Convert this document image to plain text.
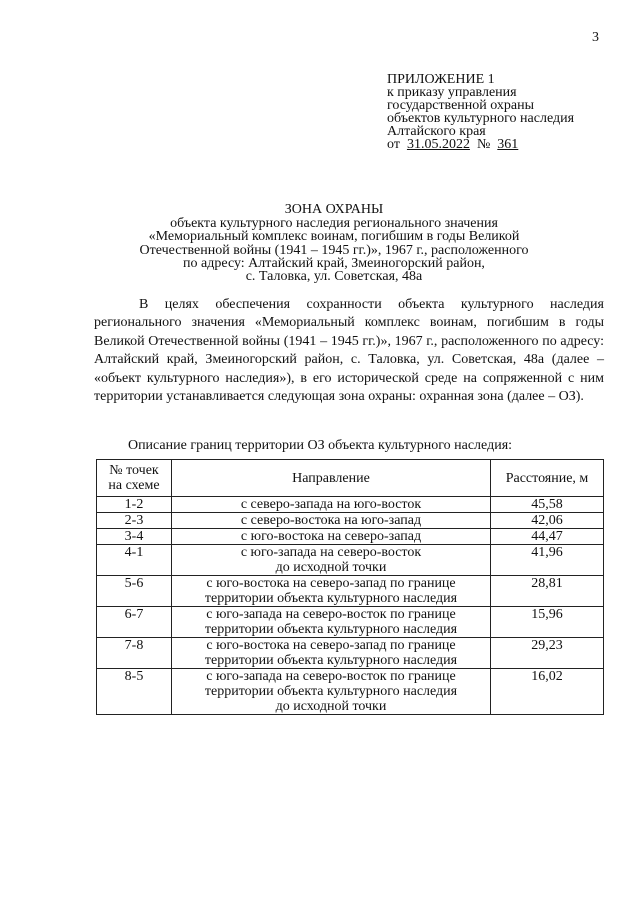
3
ПРИЛОЖЕНИЕ 1
к приказу управления
государственной охраны
объектов культурного наследия
Алтайского края
от 31.05.2022 № 361
ЗОНА ОХРАНЫ
объекта культурного наследия регионального значения
«Мемориальный комплекс воинам, погибшим в годы Великой
Отечественной войны (1941 – 1945 гг.)», 1967 г., расположенного
по адресу: Алтайский край, Змеиногорский район,
с. Таловка, ул. Советская, 48а

В целях обеспечения сохранности объекта культурного наследия регионального значения «Мемориальный комплекс воинам, погибшим в годы Великой Отечественной войны (1941 – 1945 гг.)», 1967 г., расположенного по адресу: Алтайский край, Змеиногорский район, с. Таловка, ул. Советская, 48а (далее – «объект культурного наследия»), в его исторической среде на сопряженной с ним территории устанавливается следующая зона охраны: охранная зона (далее – ОЗ).

Описание границ территории ОЗ объекта культурного наследия:
№ точек
на схеме	Направление	Расстояние, м
1-2	с северо-запада на юго-восток	45,58
2-3	с северо-востока на юго-запад	42,06
3-4	с юго-востока на северо-запад	44,47
4-1	с юго-запада на северо-восток
до исходной точки	41,96
5-6	с юго-востока на северо-запад по границе
территории объекта культурного наследия	28,81
6-7	с юго-запада на северо-восток по границе
территории объекта культурного наследия	15,96
7-8	с юго-востока на северо-запад по границе
территории объекта культурного наследия	29,23
8-5	с юго-запада на северо-восток по границе
территории объекта культурного наследия
до исходной точки	16,02
